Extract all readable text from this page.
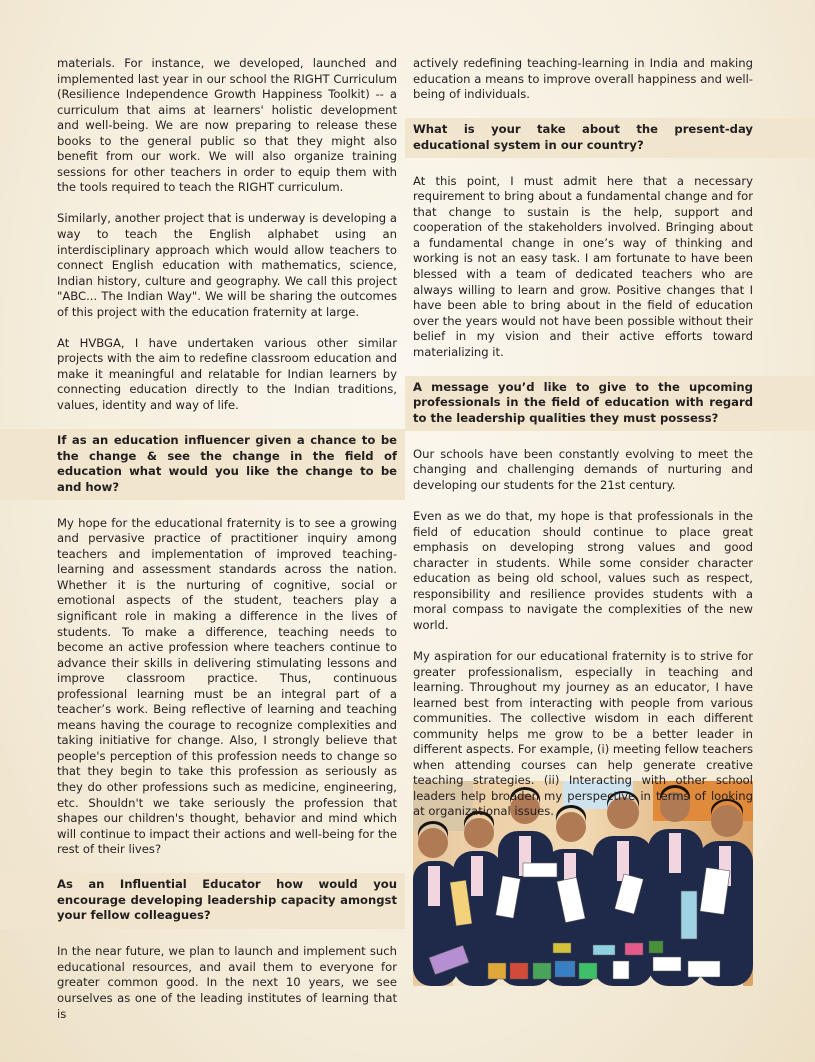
materials. For instance, we developed, launched and implemented last year in our school the RIGHT Curriculum (Resilience Independence Growth Happiness Toolkit) -- a curriculum that aims at learners' holistic development and well-being. We are now preparing to release these books to the general public so that they might also benefit from our work. We will also organize training sessions for other teachers in order to equip them with the tools required to teach the RIGHT curriculum.

Similarly, another project that is underway is developing a way to teach the English alphabet using an interdisciplinary approach which would allow teachers to connect English education with mathematics, science, Indian history, culture and geography. We call this project "ABC... The Indian Way". We will be sharing the outcomes of this project with the education fraternity at large.

At HVBGA, I have undertaken various other similar projects with the aim to redefine classroom education and make it meaningful and relatable for Indian learners by connecting education directly to the Indian traditions, values, identity and way of life.

If as an education influencer given a chance to be the change & see the change in the field of education what would you like the change to be and how?

My hope for the educational fraternity is to see a growing and pervasive practice of practitioner inquiry among teachers and implementation of improved teaching-learning and assessment standards across the nation. Whether it is the nurturing of cognitive, social or emotional aspects of the student, teachers play a significant role in making a difference in the lives of students. To make a difference, teaching needs to become an active profession where teachers continue to advance their skills in delivering stimulating lessons and improve classroom practice. Thus, continuous professional learning must be an integral part of a teacher’s work. Being reflective of learning and teaching means having the courage to recognize complexities and taking initiative for change. Also, I strongly believe that people's perception of this profession needs to change so that they begin to take this profession as seriously as they do other professions such as medicine, engineering, etc. Shouldn't we take seriously the profession that shapes our children's thought, behavior and mind which will continue to impact their actions and well-being for the rest of their lives?

As an Influential Educator how would you encourage developing leadership capacity amongst your fellow colleagues?

In the near future, we plan to launch and implement such educational resources, and avail them to everyone for greater common good. In the next 10 years, we see ourselves as one of the leading institutes of learning that is

actively redefining teaching-learning in India and making education a means to improve overall happiness and well-being of individuals.

What is your take about the present-day educational system in our country?

At this point, I must admit here that a necessary requirement to bring about a fundamental change and for that change to sustain is the help, support and cooperation of the stakeholders involved. Bringing about a fundamental change in one’s way of thinking and working is not an easy task. I am fortunate to have been blessed with a team of dedicated teachers who are always willing to learn and grow. Positive changes that I have been able to bring about in the field of education over the years would not have been possible without their belief in my vision and their active efforts toward materializing it.

A message you’d like to give to the upcoming professionals in the field of education with regard to the leadership qualities they must possess?

Our schools have been constantly evolving to meet the changing and challenging demands of nurturing and developing our students for the 21st century.

Even as we do that, my hope is that professionals in the field of education should continue to place great emphasis on developing strong values and good character in students. While some consider character education as being old school, values such as respect, responsibility and resilience provides students with a moral compass to navigate the complexities of the new world.

My aspiration for our educational fraternity is to strive for greater professionalism, especially in teaching and learning. Throughout my journey as an educator, I have learned best from interacting with people from various communities. The collective wisdom in each different community helps me grow to be a better leader in different aspects. For example, (i) meeting fellow teachers when attending courses can help generate creative teaching strategies. (ii) Interacting with other school leaders help broaden my perspective in terms of looking at organizational issues.
